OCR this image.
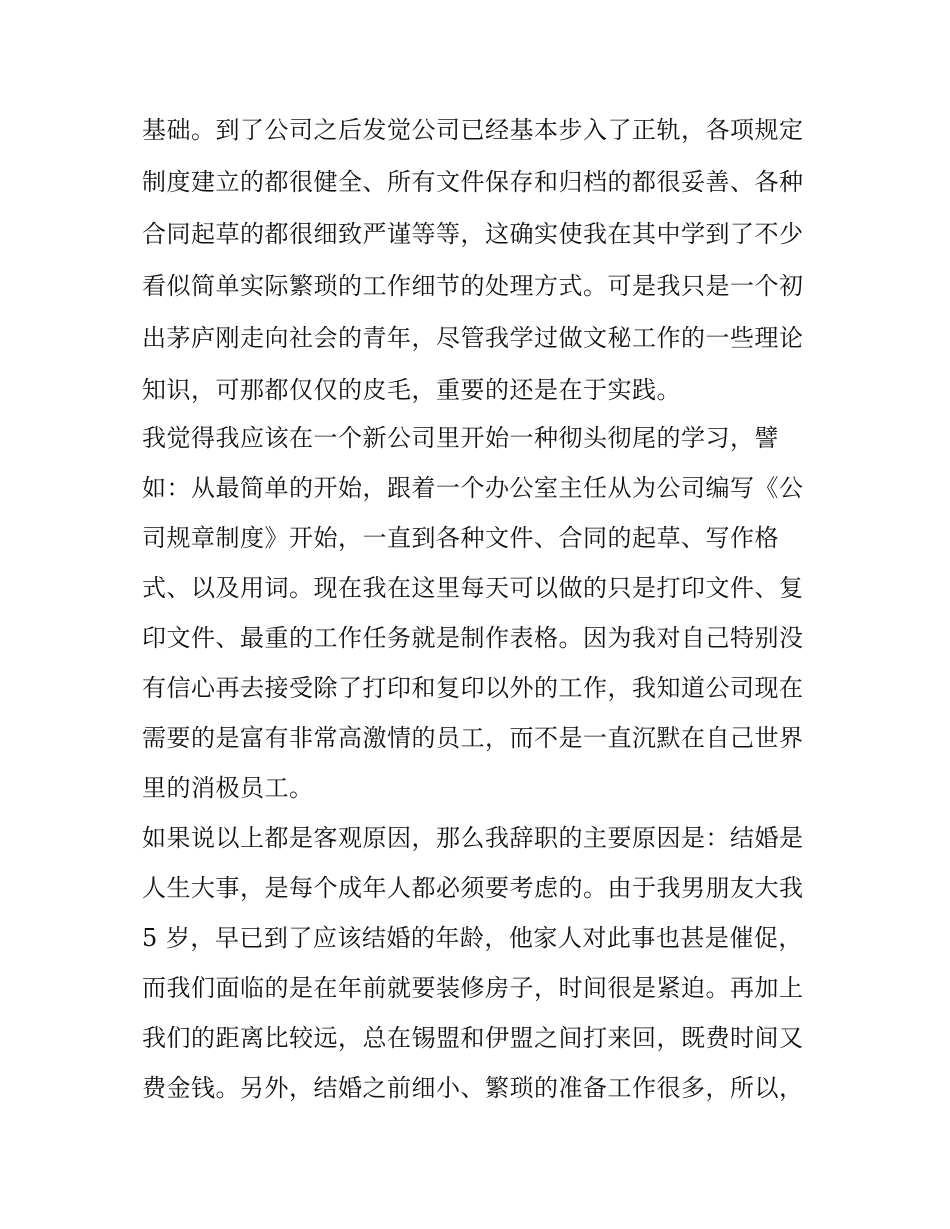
基础。到了公司之后发觉公司已经基本步入了正轨，各项规定
制度建立的都很健全、所有文件保存和归档的都很妥善、各种
合同起草的都很细致严谨等等，这确实使我在其中学到了不少
看似简单实际繁琐的工作细节的处理方式。可是我只是一个初
出茅庐刚走向社会的青年，尽管我学过做文秘工作的一些理论
知识，可那都仅仅的皮毛，重要的还是在于实践。
我觉得我应该在一个新公司里开始一种彻头彻尾的学习，譬
如：从最简单的开始，跟着一个办公室主任从为公司编写《公
司规章制度》开始，一直到各种文件、合同的起草、写作格
式、以及用词。现在我在这里每天可以做的只是打印文件、复
印文件、最重的工作任务就是制作表格。因为我对自己特别没
有信心再去接受除了打印和复印以外的工作，我知道公司现在
需要的是富有非常高激情的员工，而不是一直沉默在自己世界
里的消极员工。
如果说以上都是客观原因，那么我辞职的主要原因是：结婚是
人生大事，是每个成年人都必须要考虑的。由于我男朋友大我
5 岁，早已到了应该结婚的年龄，他家人对此事也甚是催促，
而我们面临的是在年前就要装修房子，时间很是紧迫。再加上
我们的距离比较远，总在锡盟和伊盟之间打来回，既费时间又
费金钱。另外，结婚之前细小、繁琐的准备工作很多，所以，
